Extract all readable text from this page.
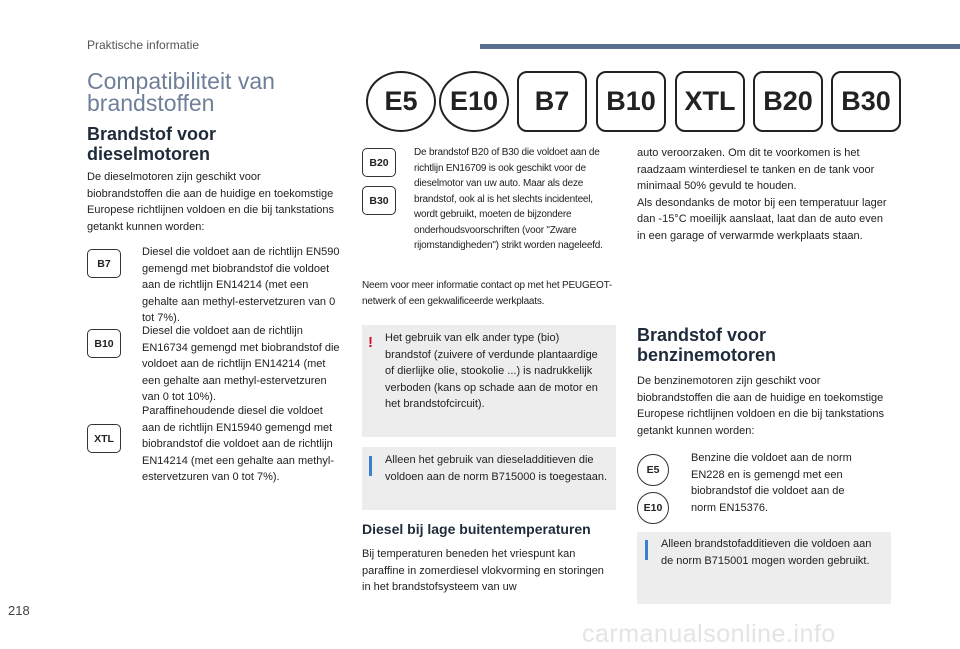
Praktische informatie
Compatibiliteit van
brandstoffen	E5	E10	B7	B10	XTL	B20	B30
Brandstof voor
dieselmotoren
De dieselmotoren zijn geschikt voor biobrandstoffen die aan de huidige en toekomstige Europese richtlijnen voldoen en die bij tankstations getankt kunnen worden:
B7
Diesel die voldoet aan de richtlijn EN590 gemengd met biobrandstof die voldoet aan de richtlijn EN14214 (met een gehalte aan methyl-estervetzuren van 0 tot 7%).
B10
Diesel die voldoet aan de richtlijn EN16734 gemengd met biobrandstof die voldoet aan de richtlijn EN14214 (met een gehalte aan methyl-estervetzuren van 0 tot 10%).
XTL
Paraffinehoudende diesel die voldoet aan de richtlijn EN15940 gemengd met biobrandstof die voldoet aan de richtlijn EN14214 (met een gehalte aan methyl-estervetzuren van 0 tot 7%).
B20
B30
De brandstof B20 of B30 die voldoet aan de richtlijn EN16709 is ook geschikt voor de dieselmotor van uw auto. Maar als deze brandstof, ook al is het slechts incidenteel, wordt gebruikt, moeten de bijzondere onderhoudsvoorschriften (voor "Zware rijomstandigheden") strikt worden nageleefd.
Neem voor meer informatie contact op met het PEUGEOT-netwerk of een gekwalificeerde werkplaats.
! Het gebruik van elk ander type (bio) brandstof (zuivere of verdunde plantaardige of dierlijke olie, stookolie ...) is nadrukkelijk verboden (kans op schade aan de motor en het brandstofcircuit).
Alleen het gebruik van dieseladditieven die voldoen aan de norm B715000 is toegestaan.
Diesel bij lage buitentemperaturen
Bij temperaturen beneden het vriespunt kan paraffine in zomerdiesel vlokvorming en storingen in het brandstofsysteem van uw
auto veroorzaken. Om dit te voorkomen is het raadzaam winterdiesel te tanken en de tank voor minimaal 50% gevuld te houden.
Als desondanks de motor bij een temperatuur lager dan -15°C moeilijk aanslaat, laat dan de auto even in een garage of verwarmde werkplaats staan.
Brandstof voor
benzinemotoren
De benzinemotoren zijn geschikt voor biobrandstoffen die aan de huidige en toekomstige Europese richtlijnen voldoen en die bij tankstations getankt kunnen worden:
E5
E10
Benzine die voldoet aan de norm EN228 en is gemengd met een biobrandstof die voldoet aan de norm EN15376.
Alleen brandstofadditieven die voldoen aan de norm B715001 mogen worden gebruikt.
218
carmanualsonline.info
